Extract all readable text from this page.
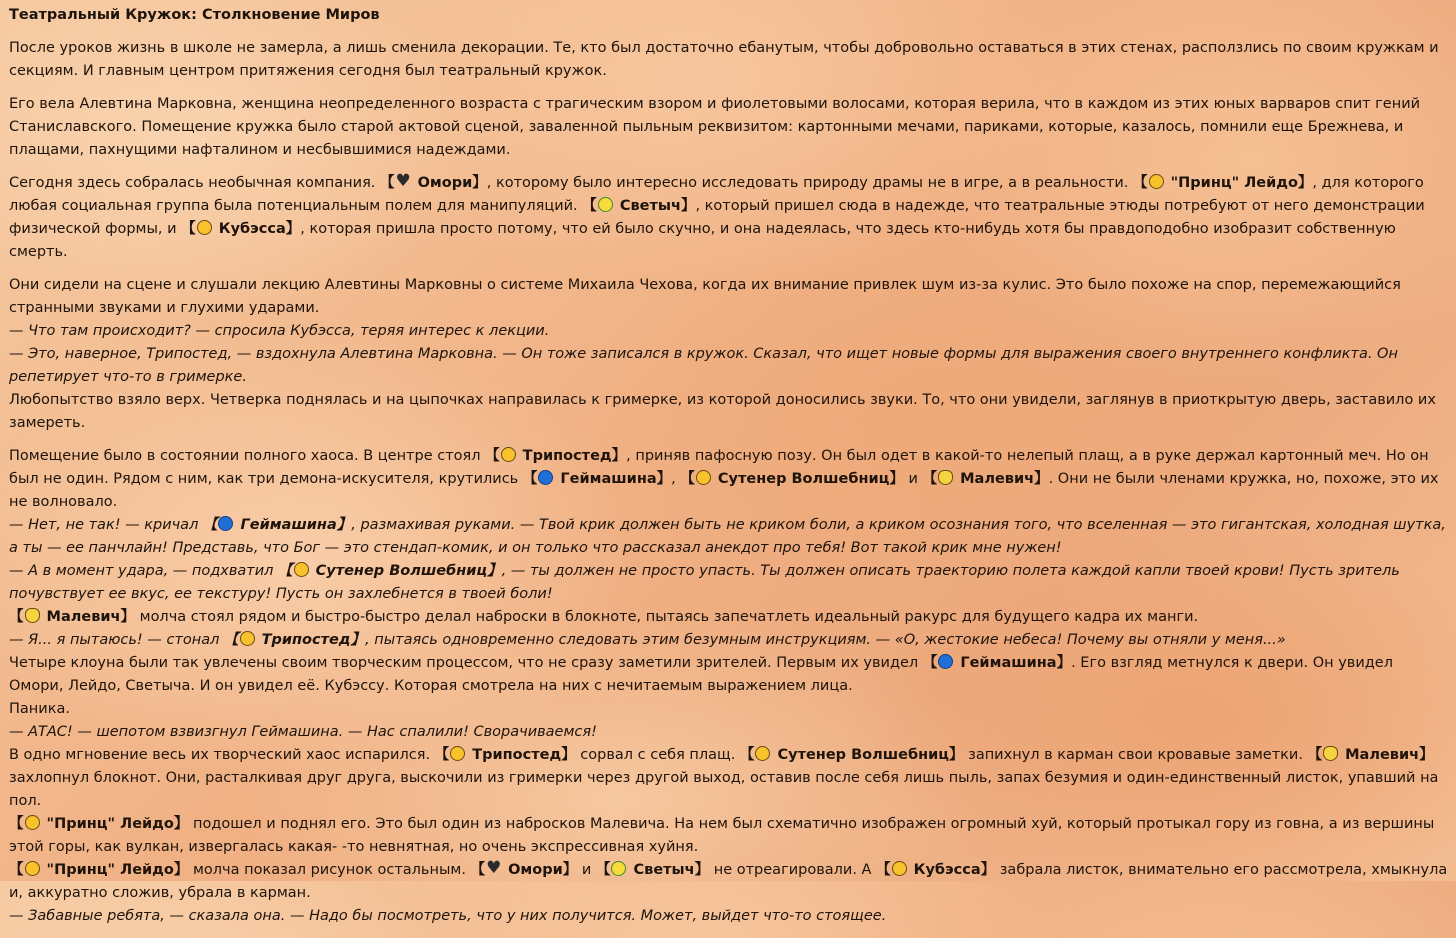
Театральный Кружок: Столкновение Миров
После уроков жизнь в школе не замерла, а лишь сменила декорации. Те, кто был достаточно ебанутым, чтобы добровольно оставаться в этих стенах, расползлись по своим кружкам и секциям. И главным центром притяжения сегодня был театральный кружок.
Его вела Алевтина Марковна, женщина неопределенного возраста с трагическим взором и фиолетовыми волосами, которая верила, что в каждом из этих юных варваров спит гений Станиславского. Помещение кружка было старой актовой сценой, заваленной пыльным реквизитом: картонными мечами, париками, которые, казалось, помнили еще Брежнева, и плащами, пахнущими нафталином и несбывшимися надеждами.
Сегодня здесь собралась необычная компания. 【♥ Омори】, которому было интересно исследовать природу драмы не в игре, а в реальности. 【 "Принц" Лейдо】, для которого любая социальная группа была потенциальным полем для манипуляций. 【 Светыч】, который пришел сюда в надежде, что театральные этюды потребуют от него демонстрации физической формы, и 【 Кубэсса】, которая пришла просто потому, что ей было скучно, и она надеялась, что здесь кто-нибудь хотя бы правдоподобно изобразит собственную смерть.
Они сидели на сцене и слушали лекцию Алевтины Марковны о системе Михаила Чехова, когда их внимание привлек шум из-за кулис. Это было похоже на спор, перемежающийся странными звуками и глухими ударами.
— Что там происходит? — спросила Кубэсса, теряя интерес к лекции.
— Это, наверное, Трипостед, — вздохнула Алевтина Марковна. — Он тоже записался в кружок. Сказал, что ищет новые формы для выражения своего внутреннего конфликта. Он репетирует что-то в гримерке.
Любопытство взяло верх. Четверка поднялась и на цыпочках направилась к гримерке, из которой доносились звуки. То, что они увидели, заглянув в приоткрытую дверь, заставило их замереть.
Помещение было в состоянии полного хаоса. В центре стоял 【 Трипостед】, приняв пафосную позу. Он был одет в какой-то нелепый плащ, а в руке держал картонный меч. Но он был не один. Рядом с ним, как три демона-искусителя, крутились 【 Геймашина】, 【 Сутенер Волшебниц】 и 【 Малевич】. Они не были членами кружка, но, похоже, это их не волновало.
— Нет, не так! — кричал 【 Геймашина】, размахивая руками. — Твой крик должен быть не криком боли, а криком осознания того, что вселенная — это гигантская, холодная шутка, а ты — ее панчлайн! Представь, что Бог — это стендап-комик, и он только что рассказал анекдот про тебя! Вот такой крик мне нужен!
— А в момент удара, — подхватил 【 Сутенер Волшебниц】, — ты должен не просто упасть. Ты должен описать траекторию полета каждой капли твоей крови! Пусть зритель почувствует ее вкус, ее текстуру! Пусть он захлебнется в твоей боли!
【 Малевич】 молча стоял рядом и быстро-быстро делал наброски в блокноте, пытаясь запечатлеть идеальный ракурс для будущего кадра их манги.
— Я... я пытаюсь! — стонал 【 Трипостед】, пытаясь одновременно следовать этим безумным инструкциям. — «О, жестокие небеса! Почему вы отняли у меня...»
Четыре клоуна были так увлечены своим творческим процессом, что не сразу заметили зрителей. Первым их увидел 【 Геймашина】. Его взгляд метнулся к двери. Он увидел Омори, Лейдо, Светыча. И он увидел её. Кубэссу. Которая смотрела на них с нечитаемым выражением лица.
Паника.
— АТАС! — шепотом взвизгнул Геймашина. — Нас спалили! Сворачиваемся!
В одно мгновение весь их творческий хаос испарился. 【 Трипостед】 сорвал с себя плащ. 【 Сутенер Волшебниц】 запихнул в карман свои кровавые заметки. 【 Малевич】 захлопнул блокнот. Они, расталкивая друг друга, выскочили из гримерки через другой выход, оставив после себя лишь пыль, запах безумия и один-единственный листок, упавший на пол.
【 "Принц" Лейдо】 подошел и поднял его. Это был один из набросков Малевича. На нем был схематично изображен огромный хуй, который протыкал гору из говна, а из вершины этой горы, как вулкан, извергалась какая- -то невнятная, но очень экспрессивная хуйня.
【 "Принц" Лейдо】 молча показал рисунок остальным. 【♥ Омори】 и 【 Светыч】 не отреагировали. А 【 Кубэсса】 забрала листок, внимательно его рассмотрела, хмыкнула и, аккуратно сложив, убрала в карман.
— Забавные ребята, — сказала она. — Надо бы посмотреть, что у них получится. Может, выйдет что-то стоящее.
